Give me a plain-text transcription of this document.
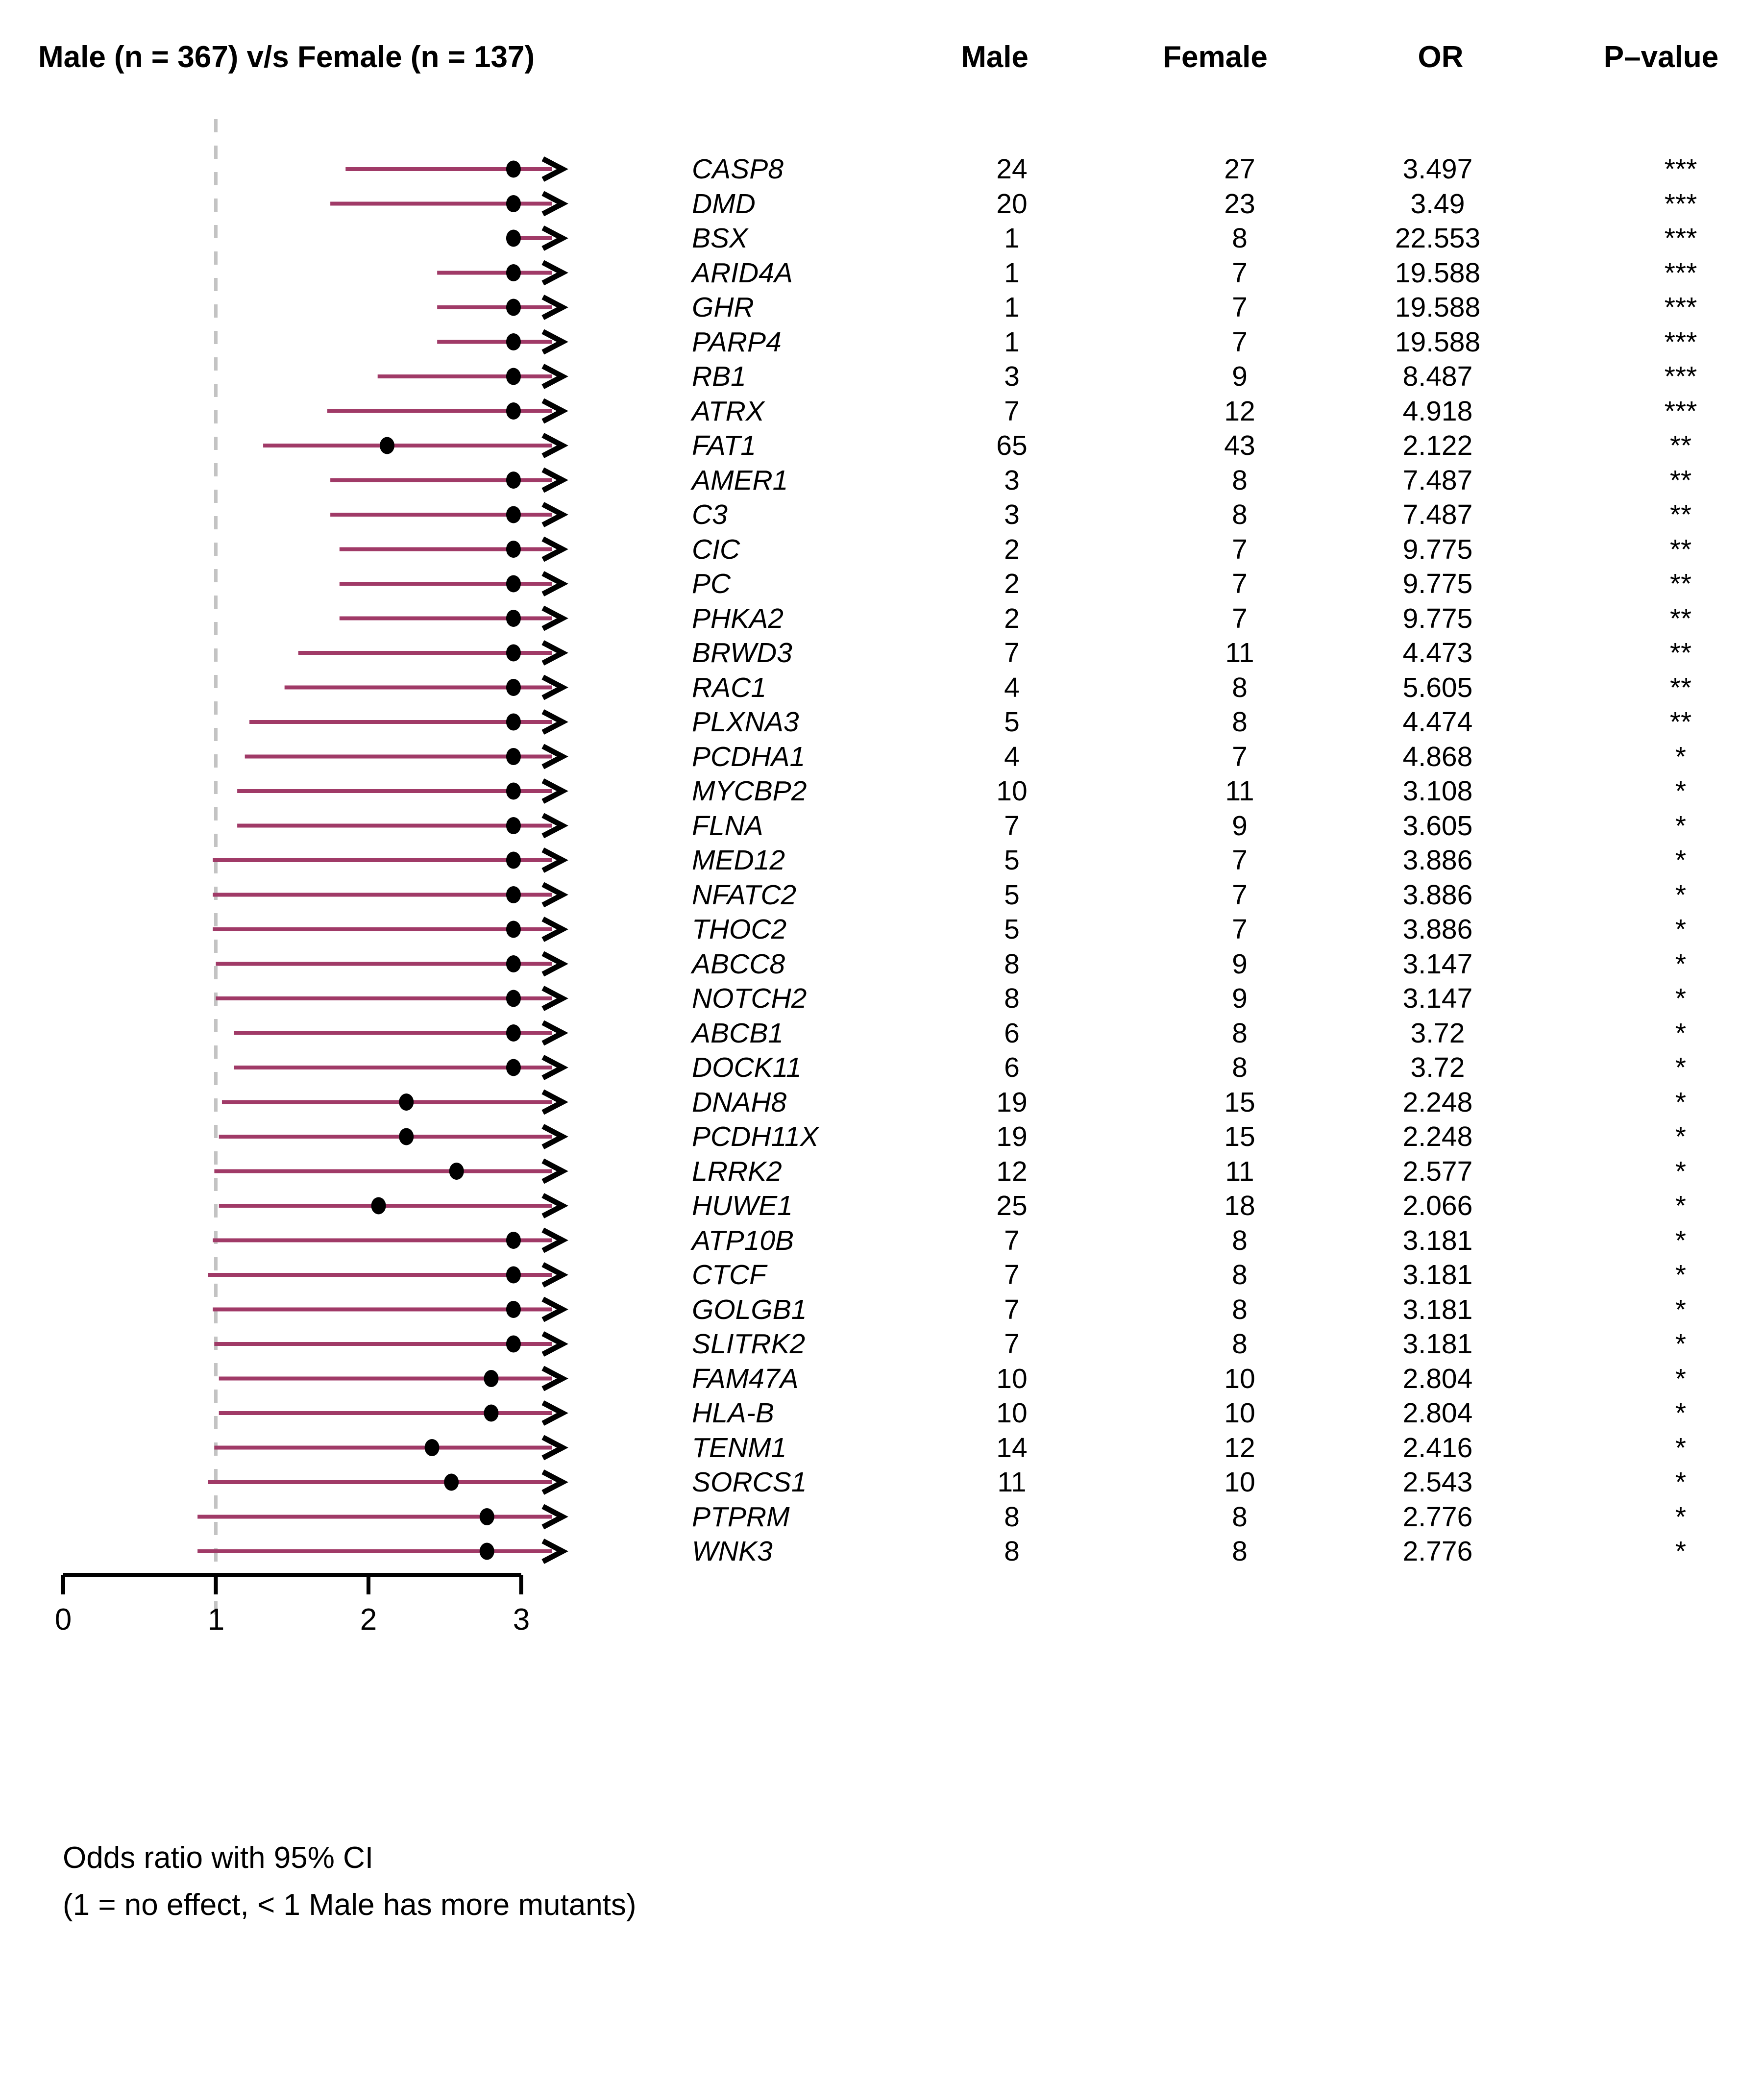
Male (n = 367) v/s Female (n = 137)	Male	Female	OR	P–value
0	1	2	3
Odds ratio with 95% CI
(1 = no effect, < 1 Male has more mutants)
CASP8	24	27	3.497	***
DMD	20	23	3.49	***
BSX	1	8	22.553	***
ARID4A	1	7	19.588	***
GHR	1	7	19.588	***
PARP4	1	7	19.588	***
RB1	3	9	8.487	***
ATRX	7	12	4.918	***
FAT1	65	43	2.122	**
AMER1	3	8	7.487	**
C3	3	8	7.487	**
CIC	2	7	9.775	**
PC	2	7	9.775	**
PHKA2	2	7	9.775	**
BRWD3	7	11	4.473	**
RAC1	4	8	5.605	**
PLXNA3	5	8	4.474	**
PCDHA1	4	7	4.868	*
MYCBP2	10	11	3.108	*
FLNA	7	9	3.605	*
MED12	5	7	3.886	*
NFATC2	5	7	3.886	*
THOC2	5	7	3.886	*
ABCC8	8	9	3.147	*
NOTCH2	8	9	3.147	*
ABCB1	6	8	3.72	*
DOCK11	6	8	3.72	*
DNAH8	19	15	2.248	*
PCDH11X	19	15	2.248	*
LRRK2	12	11	2.577	*
HUWE1	25	18	2.066	*
ATP10B	7	8	3.181	*
CTCF	7	8	3.181	*
GOLGB1	7	8	3.181	*
SLITRK2	7	8	3.181	*
FAM47A	10	10	2.804	*
HLA-B	10	10	2.804	*
TENM1	14	12	2.416	*
SORCS1	11	10	2.543	*
PTPRM	8	8	2.776	*
WNK3	8	8	2.776	*
